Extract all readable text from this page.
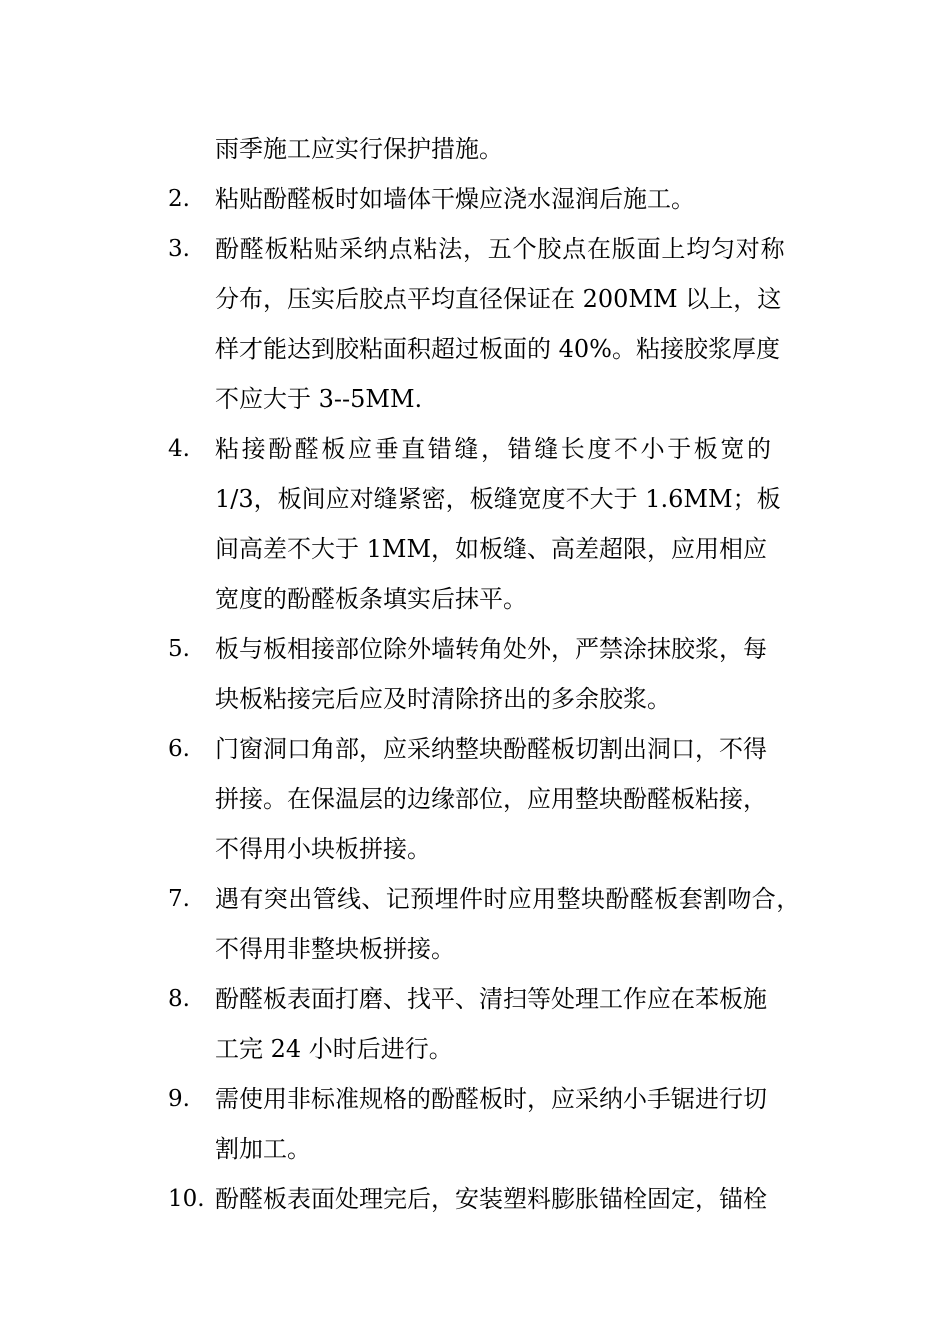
雨季施工应实行保护措施。
2. 粘贴酚醛板时如墙体干燥应浇水湿润后施工。
3. 酚醛板粘贴采纳点粘法，五个胶点在版面上均匀对称
分布，压实后胶点平均直径保证在 200MM 以上，这
样才能达到胶粘面积超过板面的 40%。粘接胶浆厚度
不应大于 3--5MM.
4. 粘接酚醛板应垂直错缝，错缝长度不小于板宽的
1/3，板间应对缝紧密，板缝宽度不大于 1.6MM；板
间高差不大于 1MM，如板缝、高差超限，应用相应
宽度的酚醛板条填实后抹平。
5. 板与板相接部位除外墙转角处外，严禁涂抹胶浆，每
块板粘接完后应及时清除挤出的多余胶浆。
6. 门窗洞口角部，应采纳整块酚醛板切割出洞口，不得
拼接。在保温层的边缘部位，应用整块酚醛板粘接，
不得用小块板拼接。
7. 遇有突出管线、记预埋件时应用整块酚醛板套割吻合，
不得用非整块板拼接。
8. 酚醛板表面打磨、找平、清扫等处理工作应在苯板施
工完 24 小时后进行。
9. 需使用非标准规格的酚醛板时，应采纳小手锯进行切
割加工。
10. 酚醛板表面处理完后，安装塑料膨胀锚栓固定，锚栓
